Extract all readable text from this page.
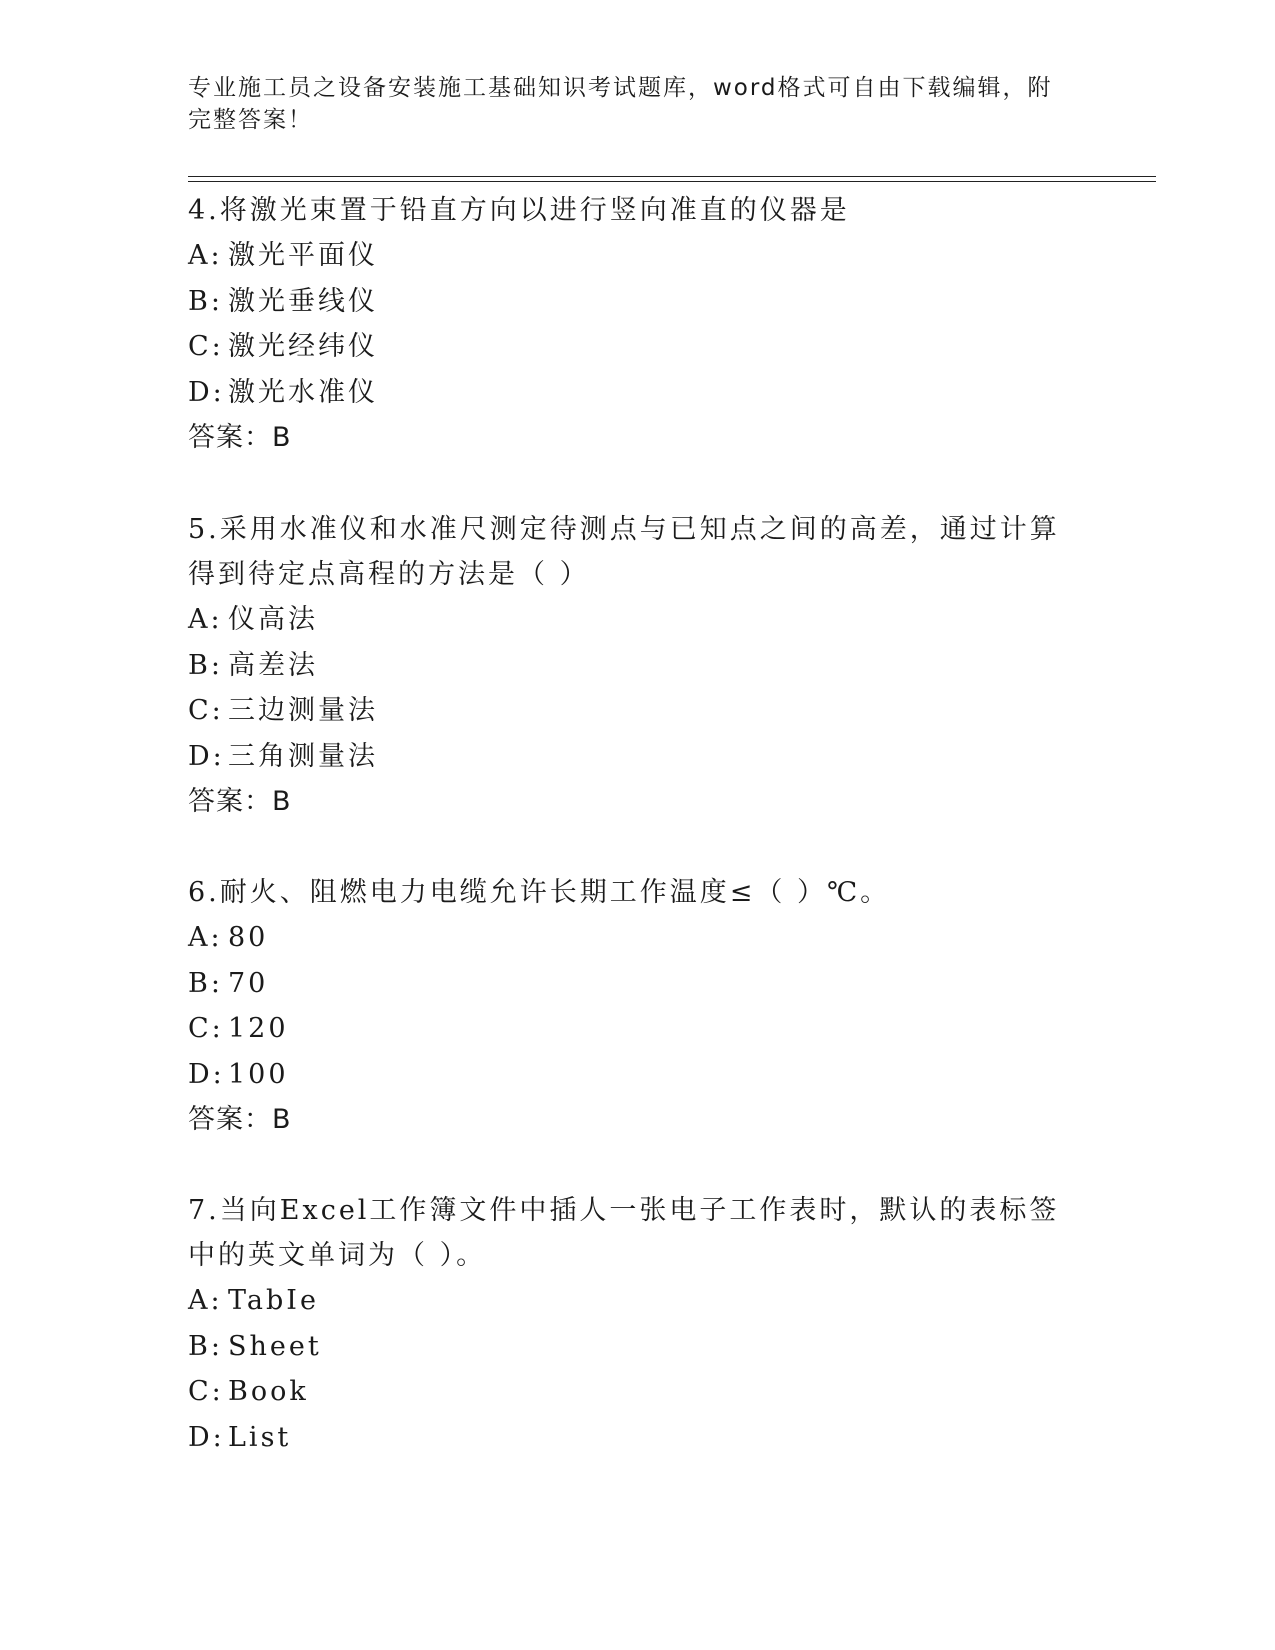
专业施工员之设备安装施工基础知识考试题库，word格式可自由下载编辑，附完整答案！

4.将激光束置于铅直方向以进行竖向准直的仪器是

A: 激光平面仪
B: 激光垂线仪
C: 激光经纬仪
D: 激光水准仪

答案：B

5.采用水准仪和水准尺测定待测点与已知点之间的高差，通过计算得到待定点高程的方法是（ ）

A: 仪高法
B: 高差法
C: 三边测量法
D: 三角测量法

答案：B

6.耐火、阻燃电力电缆允许长期工作温度≤（ ）℃。

A: 80
B: 70
C: 120
D: 100

答案：B

7.当向Excel工作簿文件中插人一张电子工作表时，默认的表标签中的英文单词为（ ）。

A: TabIe
B: Sheet
C: Book
D: List
